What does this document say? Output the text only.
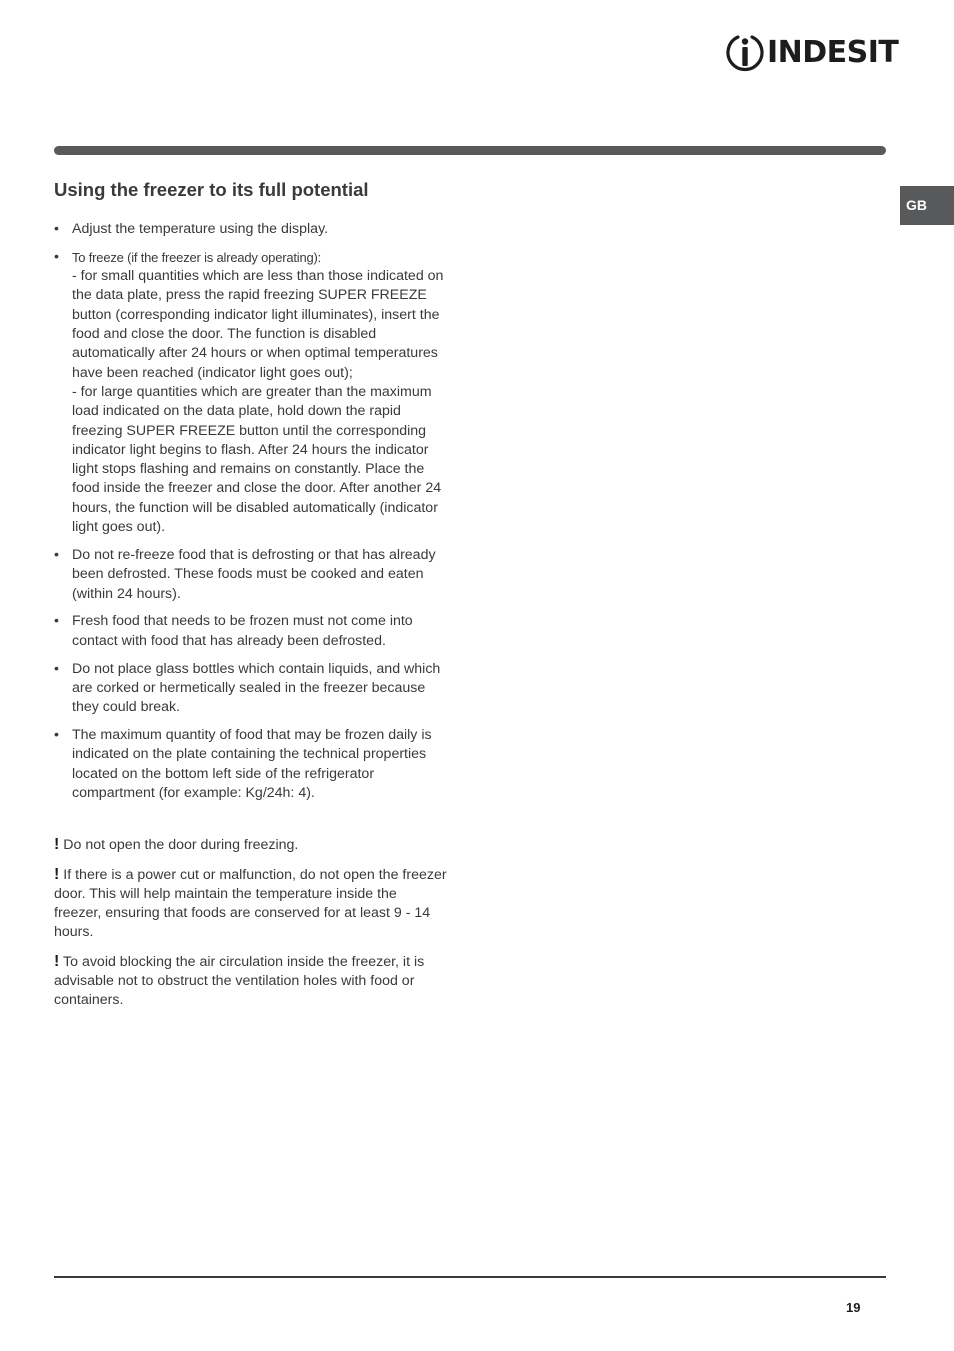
INDESIT
GB
Using the freezer to its full potential
• Adjust the temperature using the display.
• To freeze (if the freezer is already operating):
- for small quantities which are less than those indicated on the data plate, press the rapid freezing SUPER FREEZE button (corresponding indicator light illuminates), insert the food and close the door. The function is disabled automatically after 24 hours or when optimal temperatures have been reached (indicator light goes out);
- for large quantities which are greater than the maximum load indicated on the data plate, hold down the rapid freezing SUPER FREEZE button until the corresponding indicator light begins to flash. After 24 hours the indicator light stops flashing and remains on constantly. Place the food inside the freezer and close the door. After another 24 hours, the function will be disabled automatically (indicator light goes out).
• Do not re-freeze food that is defrosting or that has already been defrosted. These foods must be cooked and eaten (within 24 hours).
• Fresh food that needs to be frozen must not come into contact with food that has already been defrosted.
• Do not place glass bottles which contain liquids, and which are corked or hermetically sealed in the freezer because they could break.
• The maximum quantity of food that may be frozen daily is indicated on the plate containing the technical properties located on the bottom left side of the refrigerator compartment (for example: Kg/24h: 4).

! Do not open the door during freezing.

! If there is a power cut or malfunction, do not open the freezer door. This will help maintain the temperature inside the freezer, ensuring that foods are conserved for at least 9 - 14 hours.

! To avoid blocking the air circulation inside the freezer, it is advisable not to obstruct the ventilation holes with food or containers.

19
